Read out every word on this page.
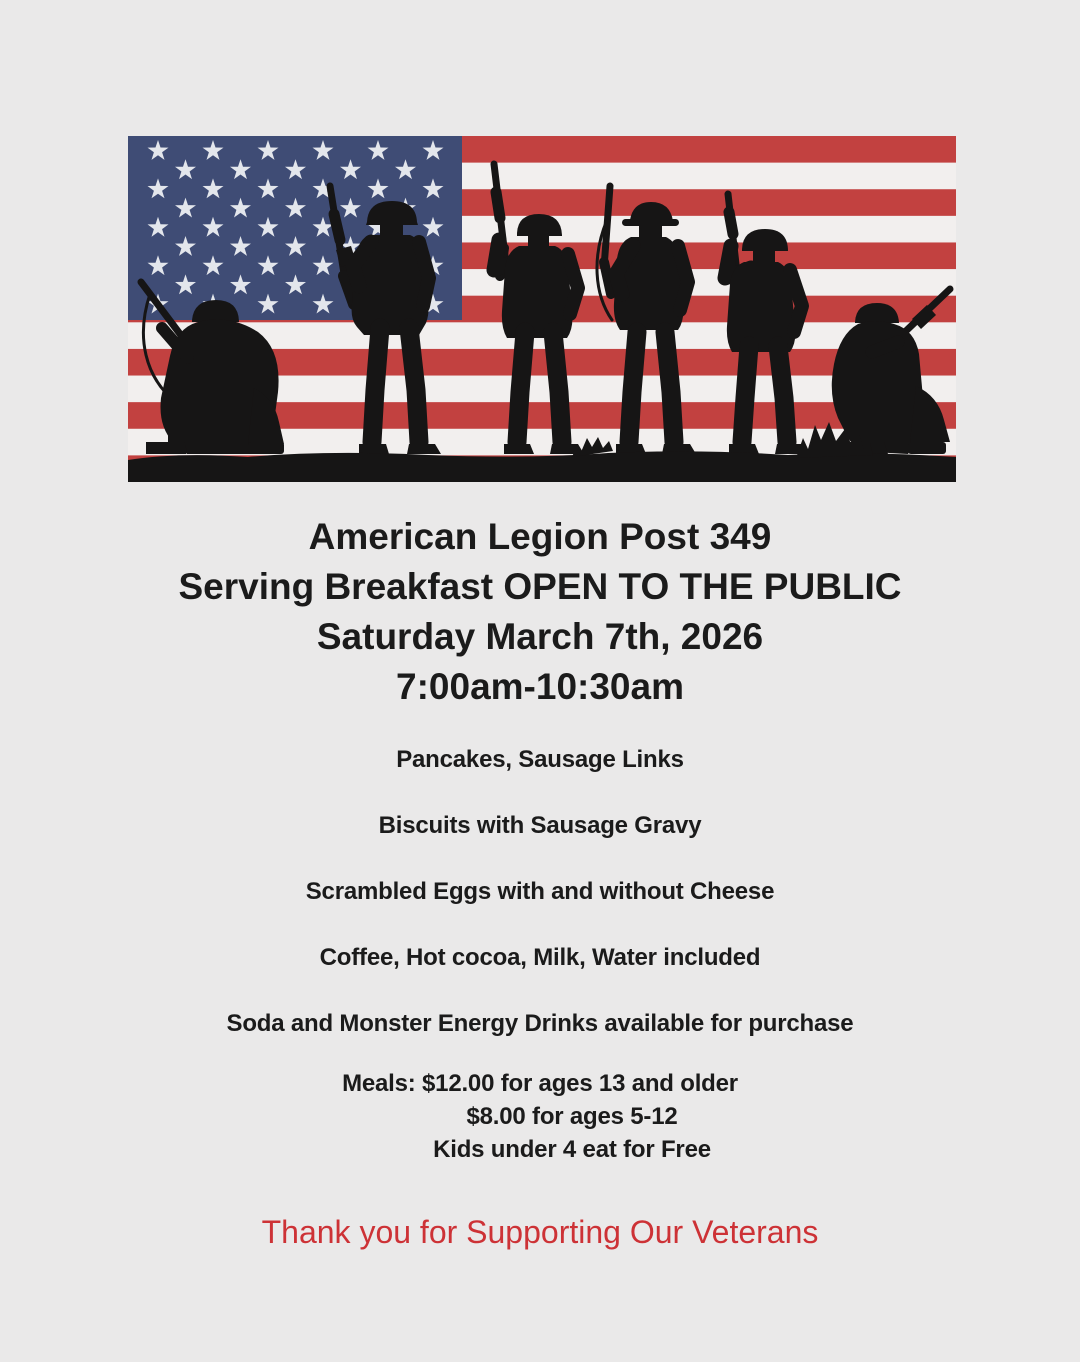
American Legion Post 349
Serving Breakfast OPEN TO THE PUBLIC
Saturday March 7th, 2026
7:00am-10:30am
Pancakes, Sausage Links
Biscuits with Sausage Gravy
Scrambled Eggs with and without Cheese
Coffee, Hot cocoa, Milk, Water included
Soda and Monster Energy Drinks available for purchase
Meals: $12.00 for ages 13 and older
$8.00 for ages 5-12
Kids under 4 eat for Free
Thank you for Supporting Our Veterans
